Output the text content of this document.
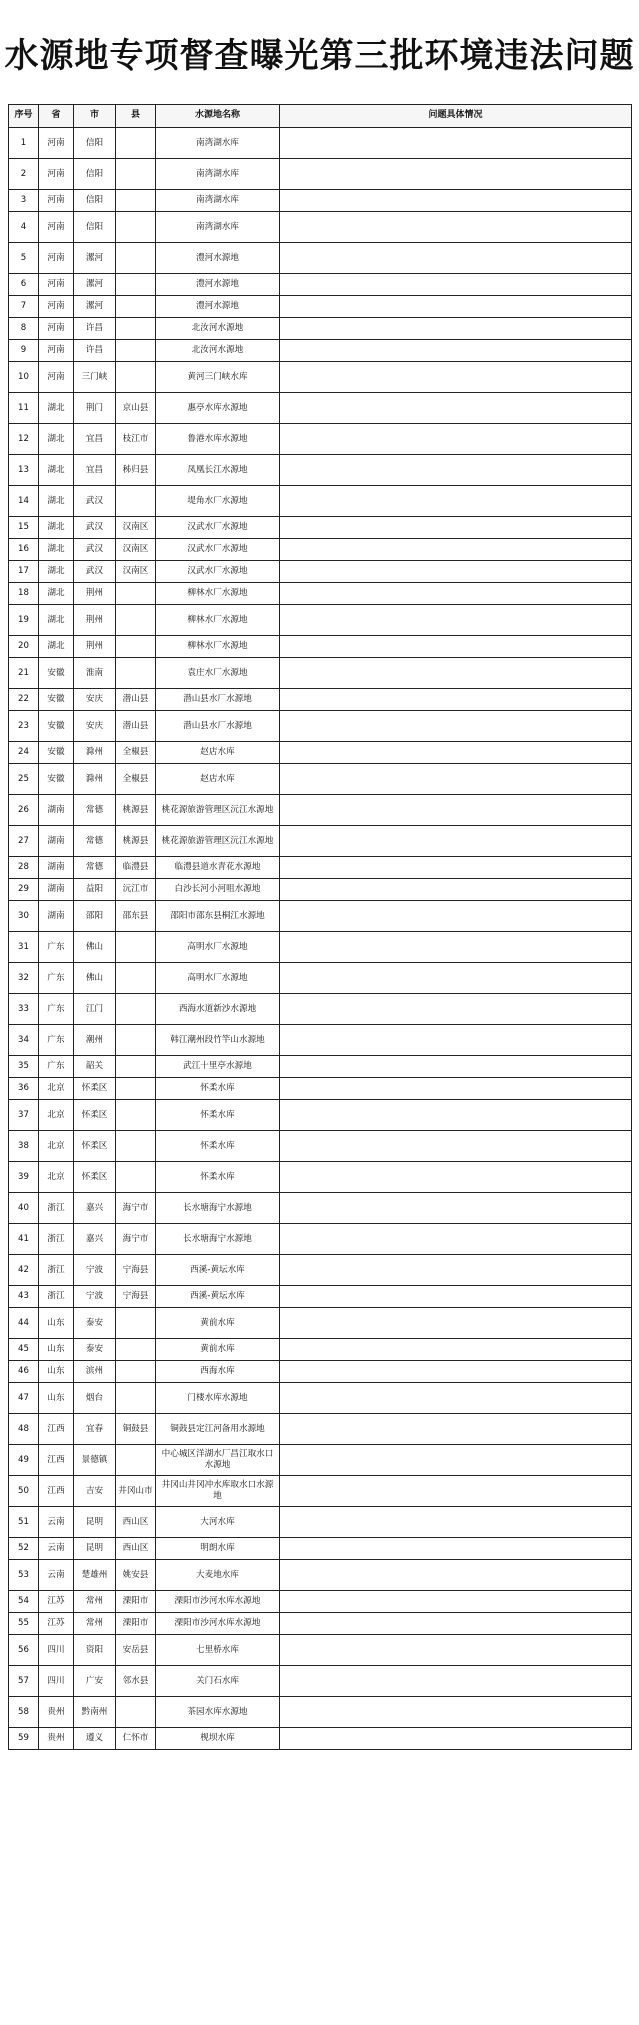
水源地专项督查曝光第三批环境违法问题
序号	省	市	县	水源地名称	问题具体情况
1	河南	信阳		南湾湖水库	
2	河南	信阳		南湾湖水库	
3	河南	信阳		南湾湖水库	
4	河南	信阳		南湾湖水库	
5	河南	漯河		澧河水源地	
6	河南	漯河		澧河水源地	
7	河南	漯河		澧河水源地	
8	河南	许昌		北汝河水源地	
9	河南	许昌		北汝河水源地	
10	河南	三门峡		黄河三门峡水库	
11	湖北	荆门	京山县	惠亭水库水源地	
12	湖北	宜昌	枝江市	鲁港水库水源地	
13	湖北	宜昌	秭归县	凤凰长江水源地	
14	湖北	武汉		堤角水厂水源地	
15	湖北	武汉	汉南区	汉武水厂水源地	
16	湖北	武汉	汉南区	汉武水厂水源地	
17	湖北	武汉	汉南区	汉武水厂水源地	
18	湖北	荆州		柳林水厂水源地	
19	湖北	荆州		柳林水厂水源地	
20	湖北	荆州		柳林水厂水源地	
21	安徽	淮南		袁庄水厂水源地	
22	安徽	安庆	潜山县	潜山县水厂水源地	
23	安徽	安庆	潜山县	潜山县水厂水源地	
24	安徽	滁州	全椒县	赵店水库	
25	安徽	滁州	全椒县	赵店水库	
26	湖南	常德	桃源县	桃花源旅游管理区沅江水源地	
27	湖南	常德	桃源县	桃花源旅游管理区沅江水源地	
28	湖南	常德	临澧县	临澧县道水青花水源地	
29	湖南	益阳	沅江市	白沙长河小河咀水源地	
30	湖南	邵阳	邵东县	邵阳市邵东县桐江水源地	
31	广东	佛山		高明水厂水源地	
32	广东	佛山		高明水厂水源地	
33	广东	江门		西海水道新沙水源地	
34	广东	潮州		韩江潮州段竹竿山水源地	
35	广东	韶关		武江十里亭水源地	
36	北京	怀柔区		怀柔水库	
37	北京	怀柔区		怀柔水库	
38	北京	怀柔区		怀柔水库	
39	北京	怀柔区		怀柔水库	
40	浙江	嘉兴	海宁市	长水塘海宁水源地	
41	浙江	嘉兴	海宁市	长水塘海宁水源地	
42	浙江	宁波	宁海县	西溪-黄坛水库	
43	浙江	宁波	宁海县	西溪-黄坛水库	
44	山东	泰安		黄前水库	
45	山东	泰安		黄前水库	
46	山东	滨州		西海水库	
47	山东	烟台		门楼水库水源地	
48	江西	宜春	铜鼓县	铜鼓县定江河备用水源地	
49	江西	景德镇		中心城区洋湖水厂昌江取水口水源地	
50	江西	吉安	井冈山市	井冈山井冈冲水库取水口水源地	
51	云南	昆明	西山区	大河水库	
52	云南	昆明	西山区	明朗水库	
53	云南	楚雄州	姚安县	大麦地水库	
54	江苏	常州	溧阳市	溧阳市沙河水库水源地	
55	江苏	常州	溧阳市	溧阳市沙河水库水源地	
56	四川	资阳	安岳县	七里桥水库	
57	四川	广安	邻水县	关门石水库	
58	贵州	黔南州		茶园水库水源地	
59	贵州	遵义	仁怀市	枧坝水库	
